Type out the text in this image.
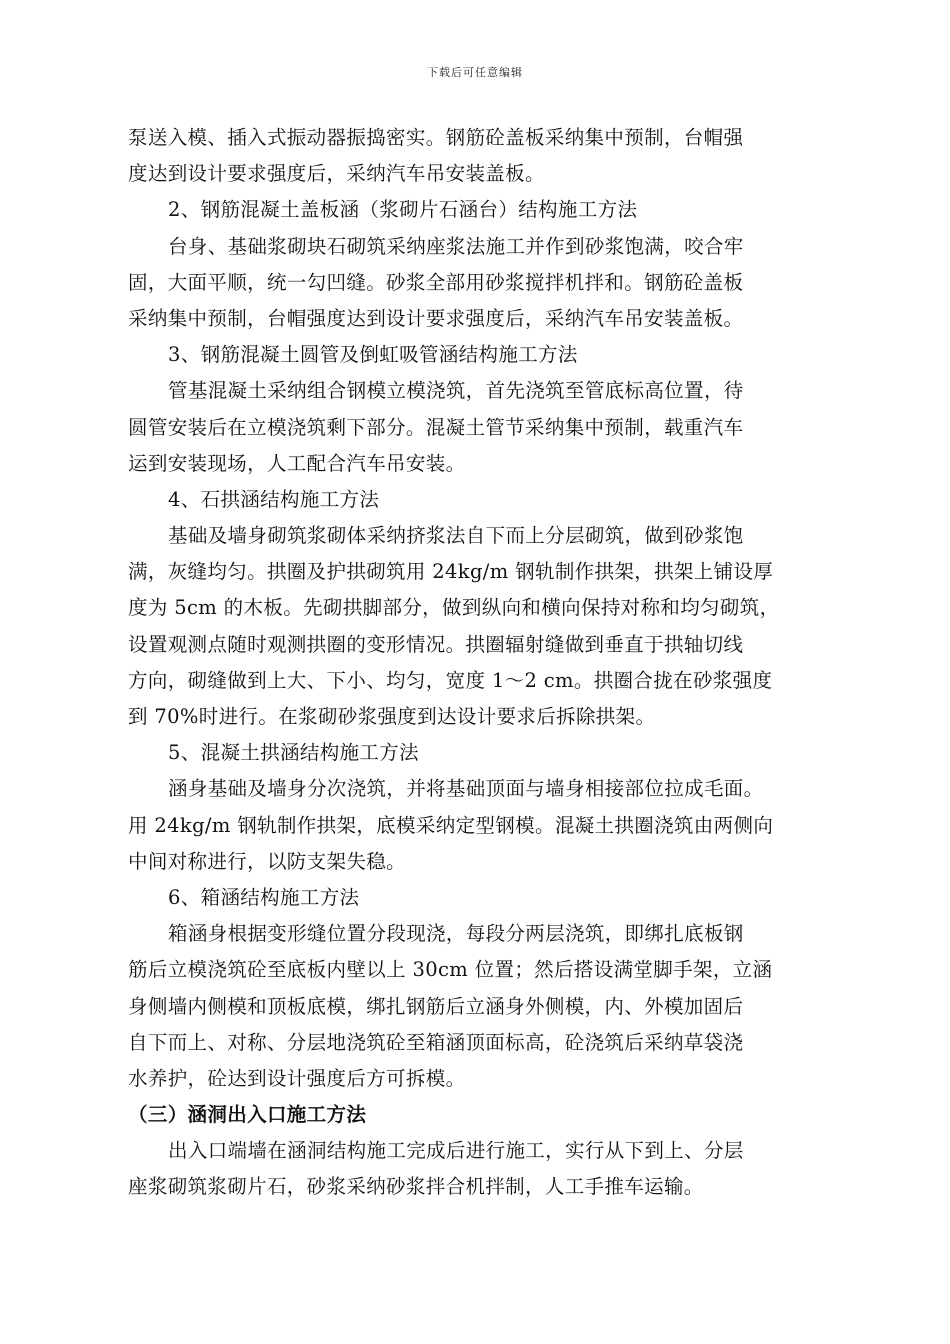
下载后可任意编辑
泵送入模、插入式振动器振捣密实。钢筋砼盖板采纳集中预制，台帽强
度达到设计要求强度后，采纳汽车吊安装盖板。
2、钢筋混凝土盖板涵（浆砌片石涵台）结构施工方法
台身、基础浆砌块石砌筑采纳座浆法施工并作到砂浆饱满，咬合牢
固，大面平顺，统一勾凹缝。砂浆全部用砂浆搅拌机拌和。钢筋砼盖板
采纳集中预制，台帽强度达到设计要求强度后，采纳汽车吊安装盖板。
3、钢筋混凝土圆管及倒虹吸管涵结构施工方法
管基混凝土采纳组合钢模立模浇筑，首先浇筑至管底标高位置，待
圆管安装后在立模浇筑剩下部分。混凝土管节采纳集中预制，载重汽车
运到安装现场，人工配合汽车吊安装。
4、石拱涵结构施工方法
基础及墙身砌筑浆砌体采纳挤浆法自下而上分层砌筑，做到砂浆饱
满，灰缝均匀。拱圈及护拱砌筑用 24kg/m 钢轨制作拱架，拱架上铺设厚
度为 5cm 的木板。先砌拱脚部分，做到纵向和横向保持对称和均匀砌筑，
设置观测点随时观测拱圈的变形情况。拱圈辐射缝做到垂直于拱轴切线
方向，砌缝做到上大、下小、均匀，宽度 1～2 cm。拱圈合拢在砂浆强度
到 70%时进行。在浆砌砂浆强度到达设计要求后拆除拱架。
5、混凝土拱涵结构施工方法
涵身基础及墙身分次浇筑，并将基础顶面与墙身相接部位拉成毛面。
用 24kg/m 钢轨制作拱架，底模采纳定型钢模。混凝土拱圈浇筑由两侧向
中间对称进行，以防支架失稳。
6、箱涵结构施工方法
箱涵身根据变形缝位置分段现浇，每段分两层浇筑，即绑扎底板钢
筋后立模浇筑砼至底板内壁以上 30cm 位置；然后搭设满堂脚手架，立涵
身侧墙内侧模和顶板底模，绑扎钢筋后立涵身外侧模，内、外模加固后
自下而上、对称、分层地浇筑砼至箱涵顶面标高，砼浇筑后采纳草袋浇
水养护，砼达到设计强度后方可拆模。
（三）涵洞出入口施工方法
出入口端墙在涵洞结构施工完成后进行施工，实行从下到上、分层
座浆砌筑浆砌片石，砂浆采纳砂浆拌合机拌制，人工手推车运输。
